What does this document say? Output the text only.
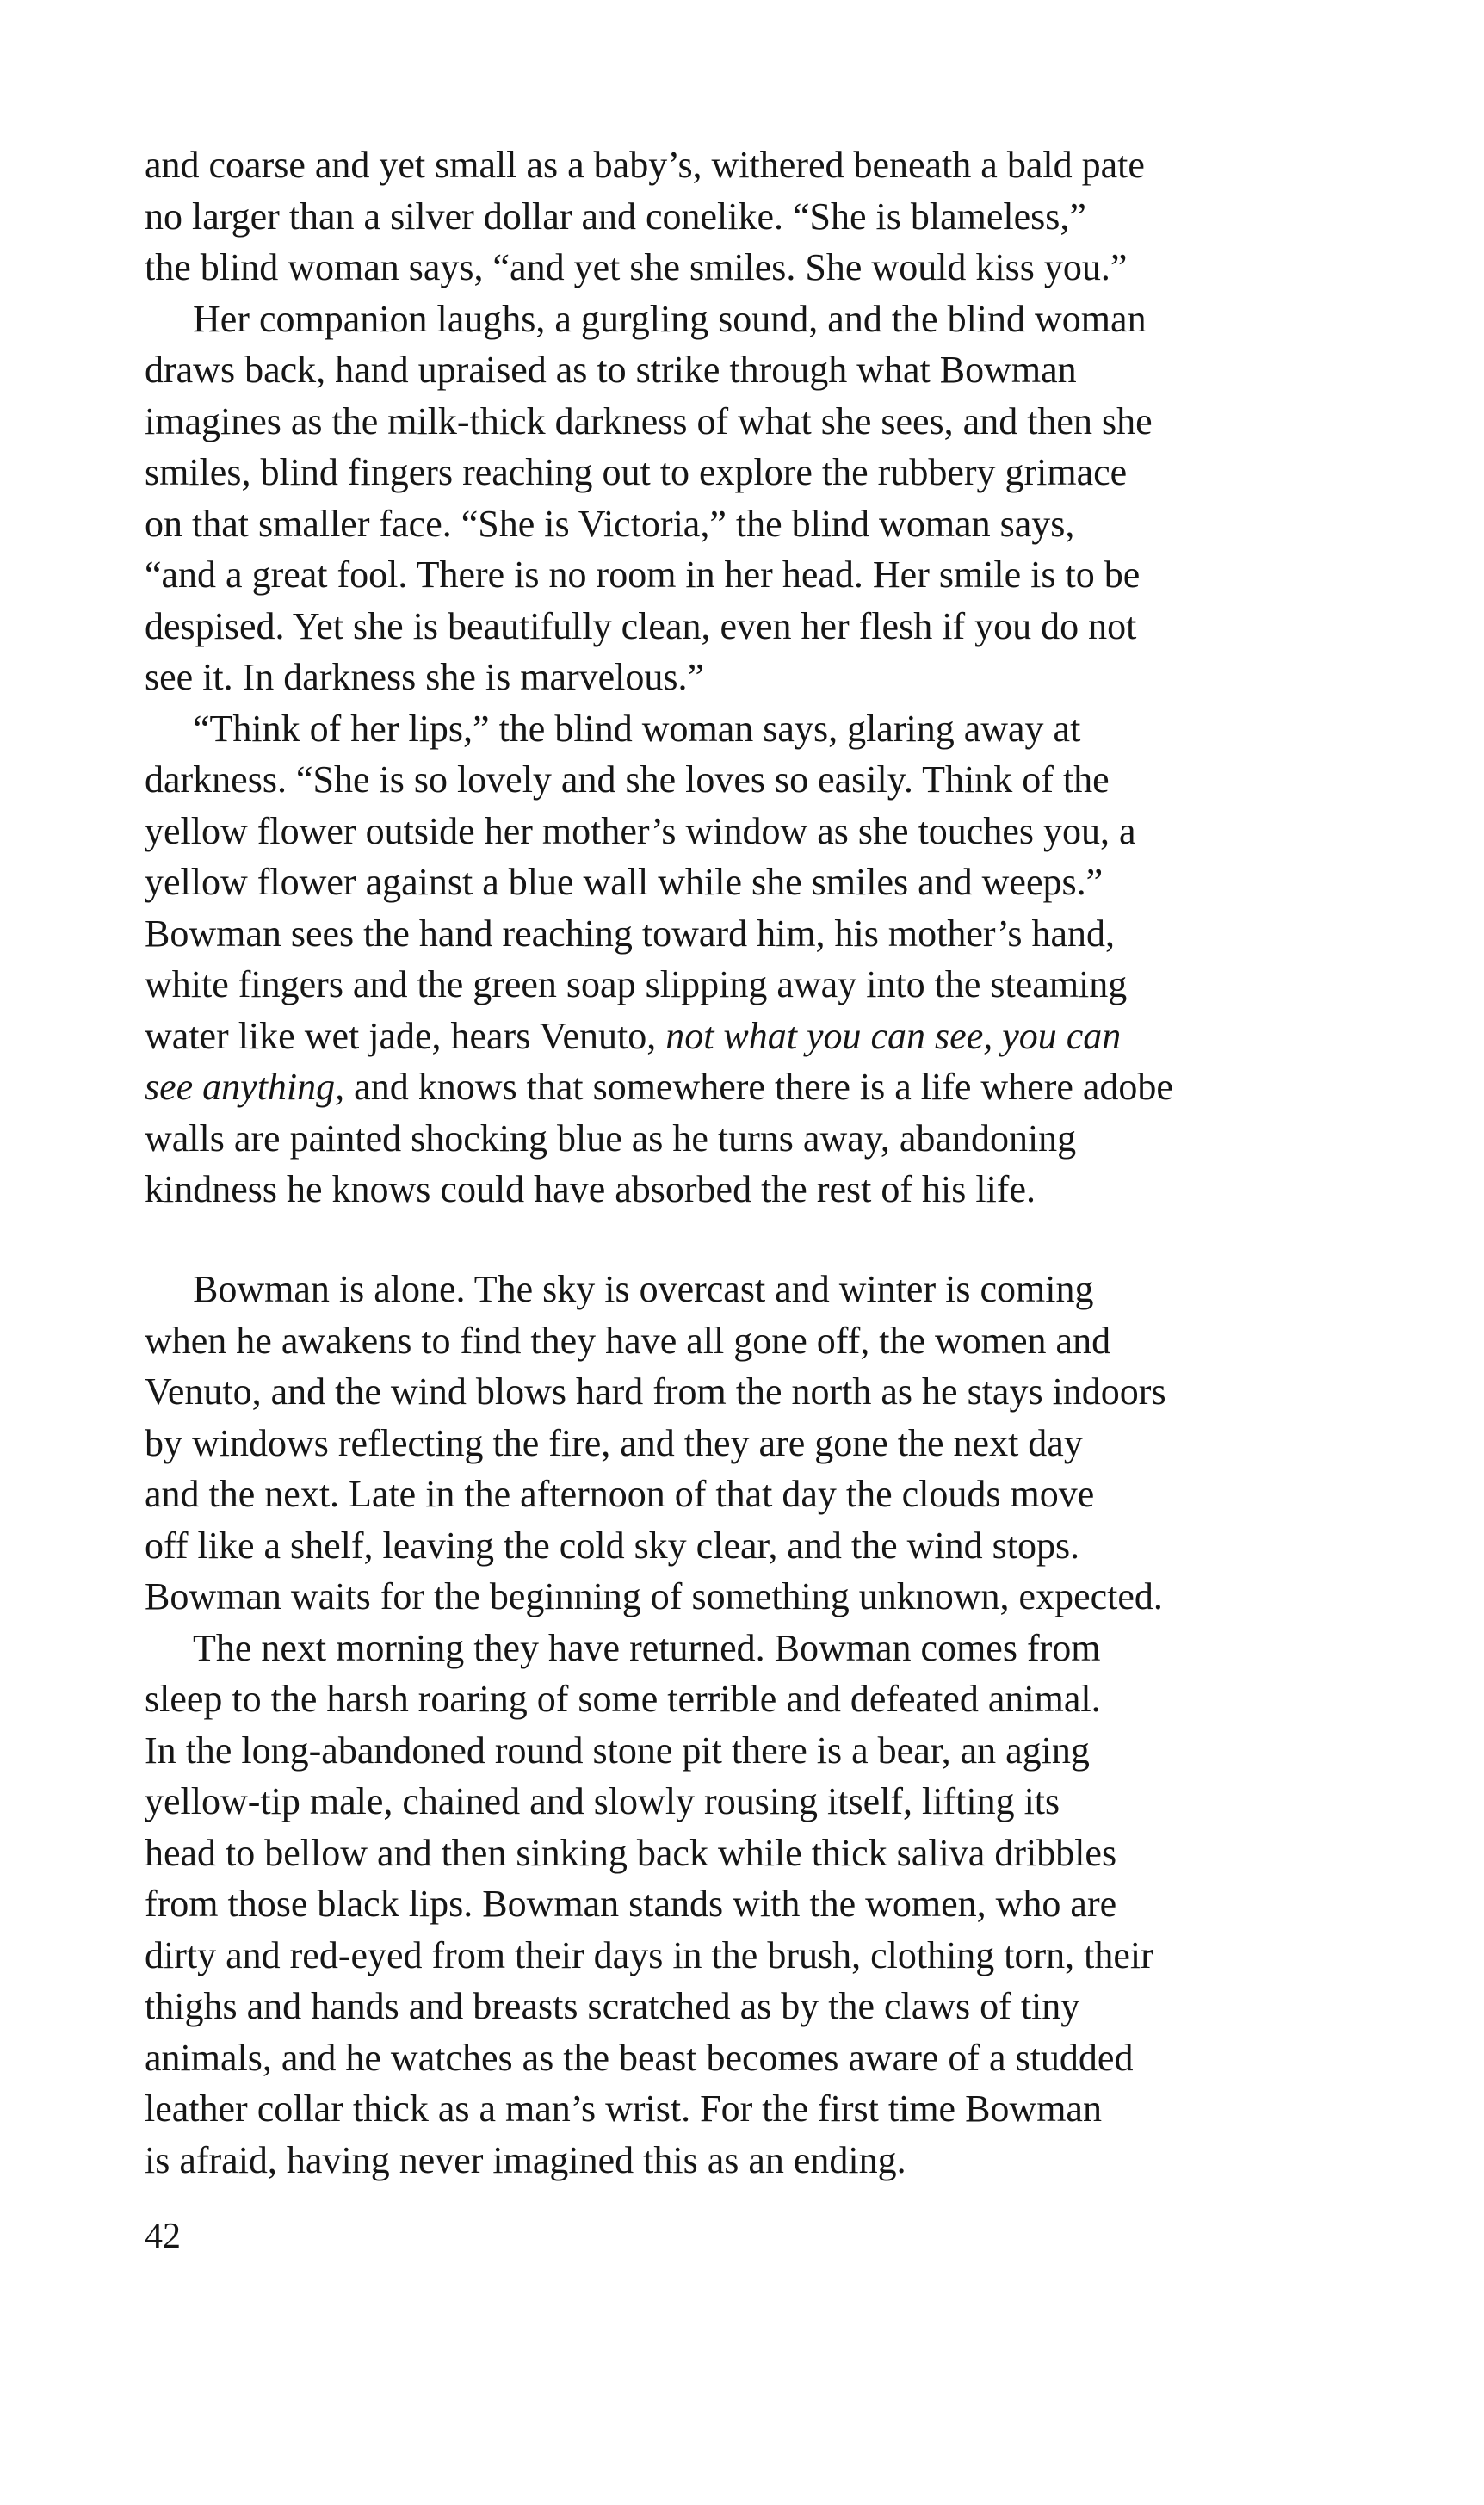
and coarse and yet small as a baby’s, withered beneath a bald pate
no larger than a silver dollar and conelike. “She is blameless,”
the blind woman says, “and yet she smiles. She would kiss you.”
Her companion laughs, a gurgling sound, and the blind woman
draws back, hand upraised as to strike through what Bowman
imagines as the milk-thick darkness of what she sees, and then she
smiles, blind fingers reaching out to explore the rubbery grimace
on that smaller face. “She is Victoria,” the blind woman says,
“and a great fool. There is no room in her head. Her smile is to be
despised. Yet she is beautifully clean, even her flesh if you do not
see it. In darkness she is marvelous.”
“Think of her lips,” the blind woman says, glaring away at
darkness. “She is so lovely and she loves so easily. Think of the
yellow flower outside her mother’s window as she touches you, a
yellow flower against a blue wall while she smiles and weeps.”
Bowman sees the hand reaching toward him, his mother’s hand,
white fingers and the green soap slipping away into the steaming
water like wet jade, hears Venuto, not what you can see, you can
see anything, and knows that somewhere there is a life where adobe
walls are painted shocking blue as he turns away, abandoning
kindness he knows could have absorbed the rest of his life.
Bowman is alone. The sky is overcast and winter is coming
when he awakens to find they have all gone off, the women and
Venuto, and the wind blows hard from the north as he stays indoors
by windows reflecting the fire, and they are gone the next day
and the next. Late in the afternoon of that day the clouds move
off like a shelf, leaving the cold sky clear, and the wind stops.
Bowman waits for the beginning of something unknown, expected.
The next morning they have returned. Bowman comes from
sleep to the harsh roaring of some terrible and defeated animal.
In the long-abandoned round stone pit there is a bear, an aging
yellow-tip male, chained and slowly rousing itself, lifting its
head to bellow and then sinking back while thick saliva dribbles
from those black lips. Bowman stands with the women, who are
dirty and red-eyed from their days in the brush, clothing torn, their
thighs and hands and breasts scratched as by the claws of tiny
animals, and he watches as the beast becomes aware of a studded
leather collar thick as a man’s wrist. For the first time Bowman
is afraid, having never imagined this as an ending.
42
